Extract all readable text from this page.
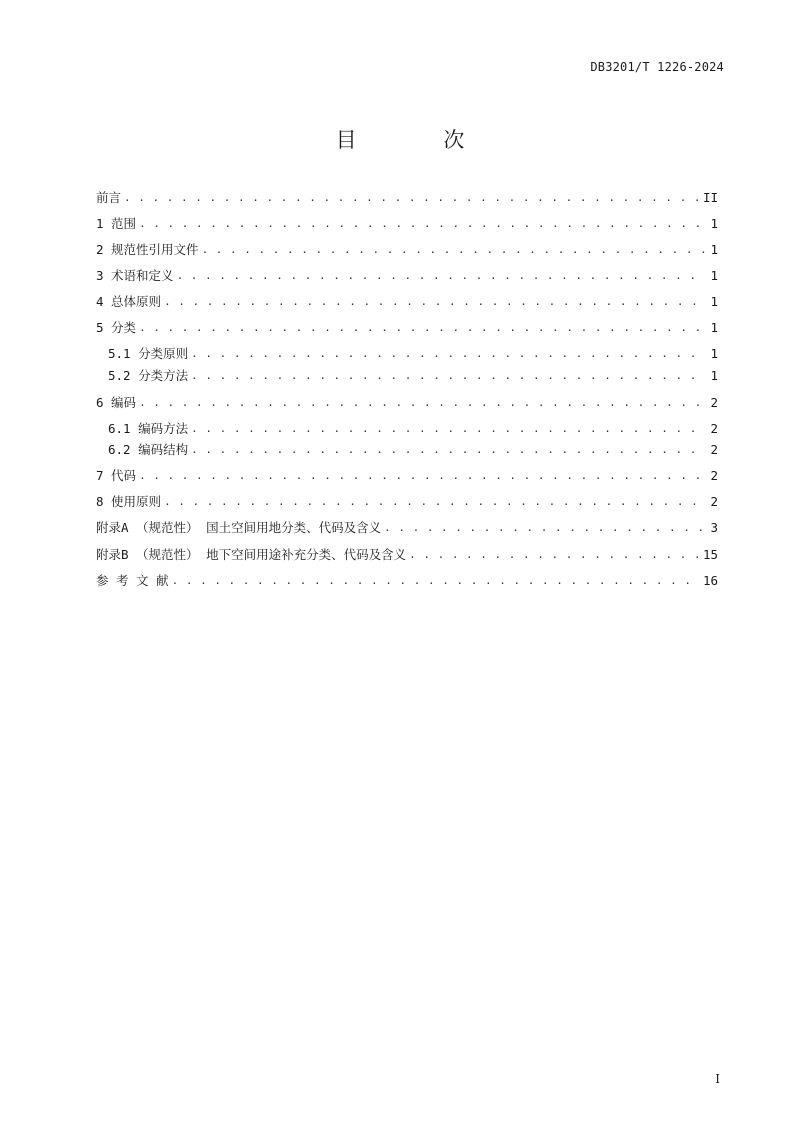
DB3201/T 1226-2024
目 次
前言 . . .	II
1 范围 . . .	1
2 规范性引用文件 . . .	1
3 术语和定义 . . .	1
4 总体原则 . . .	1
5 分类 . . .	1
5.1 分类原则 . . .	1
5.2 分类方法 . . .	1
6 编码 . . .	2
6.1 编码方法 . . .	2
6.2 编码结构 . . .	2
7 代码 . . .	2
8 使用原则 . . .	2
附录A （规范性） 国土空间用地分类、代码及含义 . . .	3
附录B （规范性） 地下空间用途补充分类、代码及含义 . . .	15
参 考 文 献 . . .	16
I
